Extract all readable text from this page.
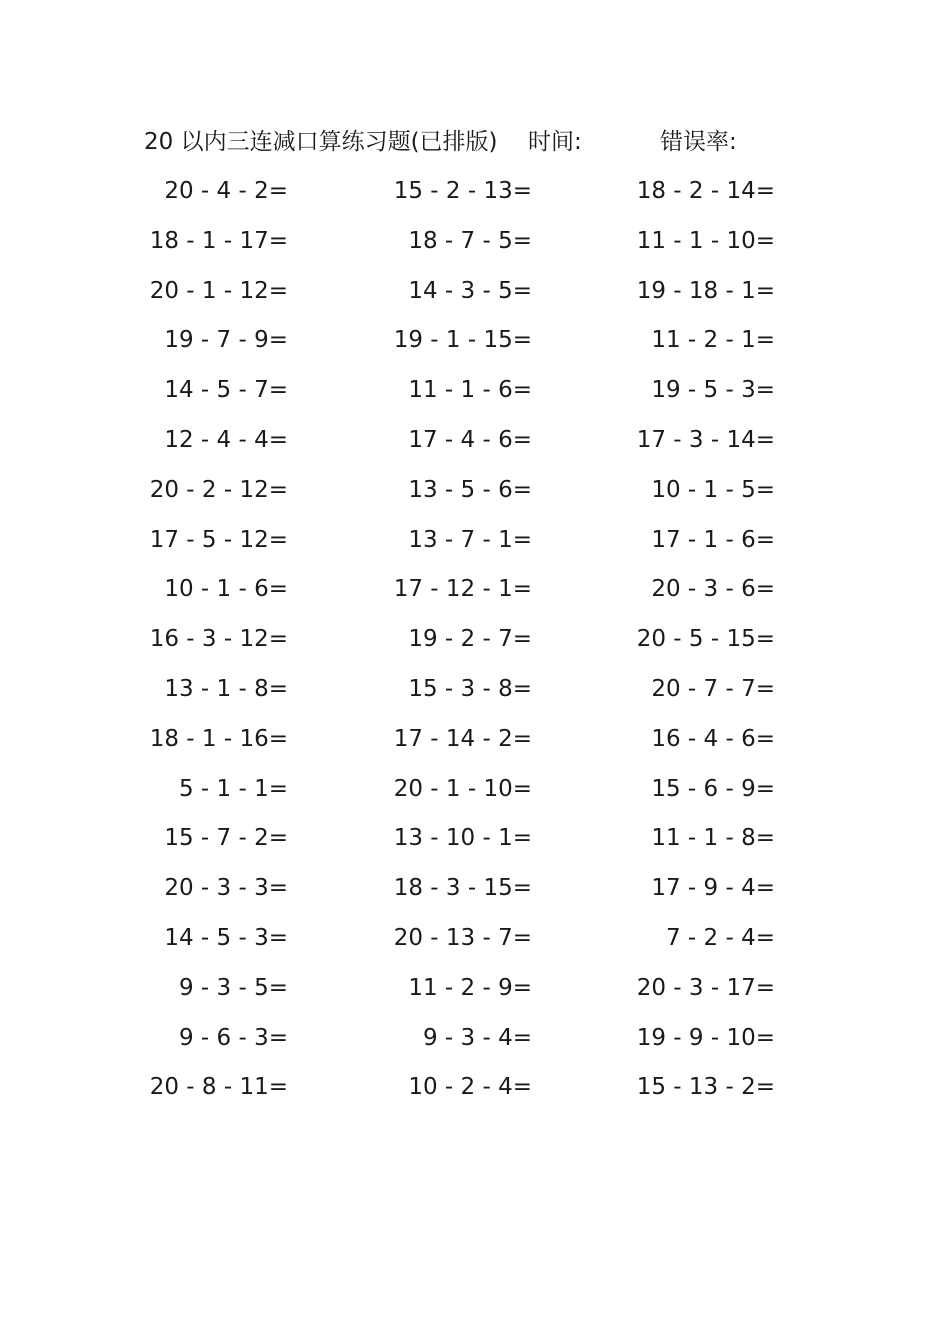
20 以内三连减口算练习题(已排版) 时间:	错误率:
20 - 4 - 2=	15 - 2 - 13=	18 - 2 - 14=
18 - 1 - 17=	18 - 7 - 5=	11 - 1 - 10=
20 - 1 - 12=	14 - 3 - 5=	19 - 18 - 1=
19 - 7 - 9=	19 - 1 - 15=	11 - 2 - 1=
14 - 5 - 7=	11 - 1 - 6=	19 - 5 - 3=
12 - 4 - 4=	17 - 4 - 6=	17 - 3 - 14=
20 - 2 - 12=	13 - 5 - 6=	10 - 1 - 5=
17 - 5 - 12=	13 - 7 - 1=	17 - 1 - 6=
10 - 1 - 6=	17 - 12 - 1=	20 - 3 - 6=
16 - 3 - 12=	19 - 2 - 7=	20 - 5 - 15=
13 - 1 - 8=	15 - 3 - 8=	20 - 7 - 7=
18 - 1 - 16=	17 - 14 - 2=	16 - 4 - 6=
5 - 1 - 1=	20 - 1 - 10=	15 - 6 - 9=
15 - 7 - 2=	13 - 10 - 1=	11 - 1 - 8=
20 - 3 - 3=	18 - 3 - 15=	17 - 9 - 4=
14 - 5 - 3=	20 - 13 - 7=	7 - 2 - 4=
9 - 3 - 5=	11 - 2 - 9=	20 - 3 - 17=
9 - 6 - 3=	9 - 3 - 4=	19 - 9 - 10=
20 - 8 - 11=	10 - 2 - 4=	15 - 13 - 2=
